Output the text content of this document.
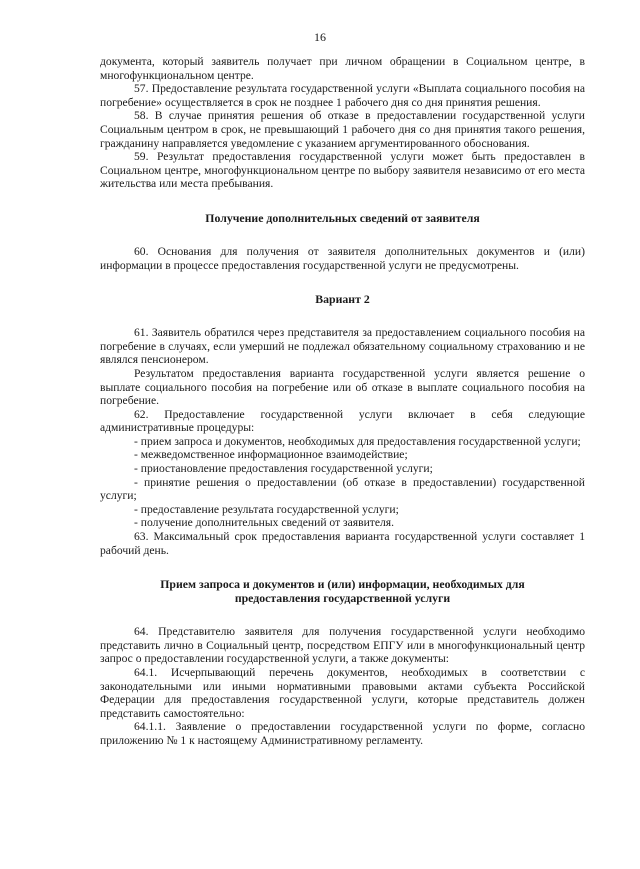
16

документа, который заявитель получает при личном обращении в Социальном центре, в многофункциональном центре.

57. Предоставление результата государственной услуги «Выплата социального пособия на погребение» осуществляется в срок не позднее 1 рабочего дня со дня принятия решения.

58. В случае принятия решения об отказе в предоставлении государственной услуги Социальным центром в срок, не превышающий 1 рабочего дня со дня принятия такого решения, гражданину направляется уведомление с указанием аргументированного обоснования.

59. Результат предоставления государственной услуги может быть предоставлен в Социальном центре, многофункциональном центре по выбору заявителя независимо от его места жительства или места пребывания.

Получение дополнительных сведений от заявителя

60. Основания для получения от заявителя дополнительных документов и (или) информации в процессе предоставления государственной услуги не предусмотрены.

Вариант 2

61. Заявитель обратился через представителя за предоставлением социального пособия на погребение в случаях, если умерший не подлежал обязательному социальному страхованию и не являлся пенсионером.

Результатом предоставления варианта государственной услуги является решение о выплате социального пособия на погребение или об отказе в выплате социального пособия на погребение.

62. Предоставление государственной услуги включает в себя следующие административные процедуры:

- прием запроса и документов, необходимых для предоставления государственной услуги;

- межведомственное информационное взаимодействие;

- приостановление предоставления государственной услуги;

- принятие решения о предоставлении (об отказе в предоставлении) государственной услуги;

- предоставление результата государственной услуги;

- получение дополнительных сведений от заявителя.

63. Максимальный срок предоставления варианта государственной услуги составляет 1 рабочий день.

Прием запроса и документов и (или) информации, необходимых для
предоставления государственной услуги

64. Представителю заявителя для получения государственной услуги необходимо представить лично в Социальный центр, посредством ЕПГУ или в многофункциональный центр запрос о предоставлении государственной услуги, а также документы:

64.1. Исчерпывающий перечень документов, необходимых в соответствии с законодательными или иными нормативными правовыми актами субъекта Российской Федерации для предоставления государственной услуги, которые представитель должен представить самостоятельно:

64.1.1. Заявление о предоставлении государственной услуги по форме, согласно приложению № 1 к настоящему Административному регламенту.
